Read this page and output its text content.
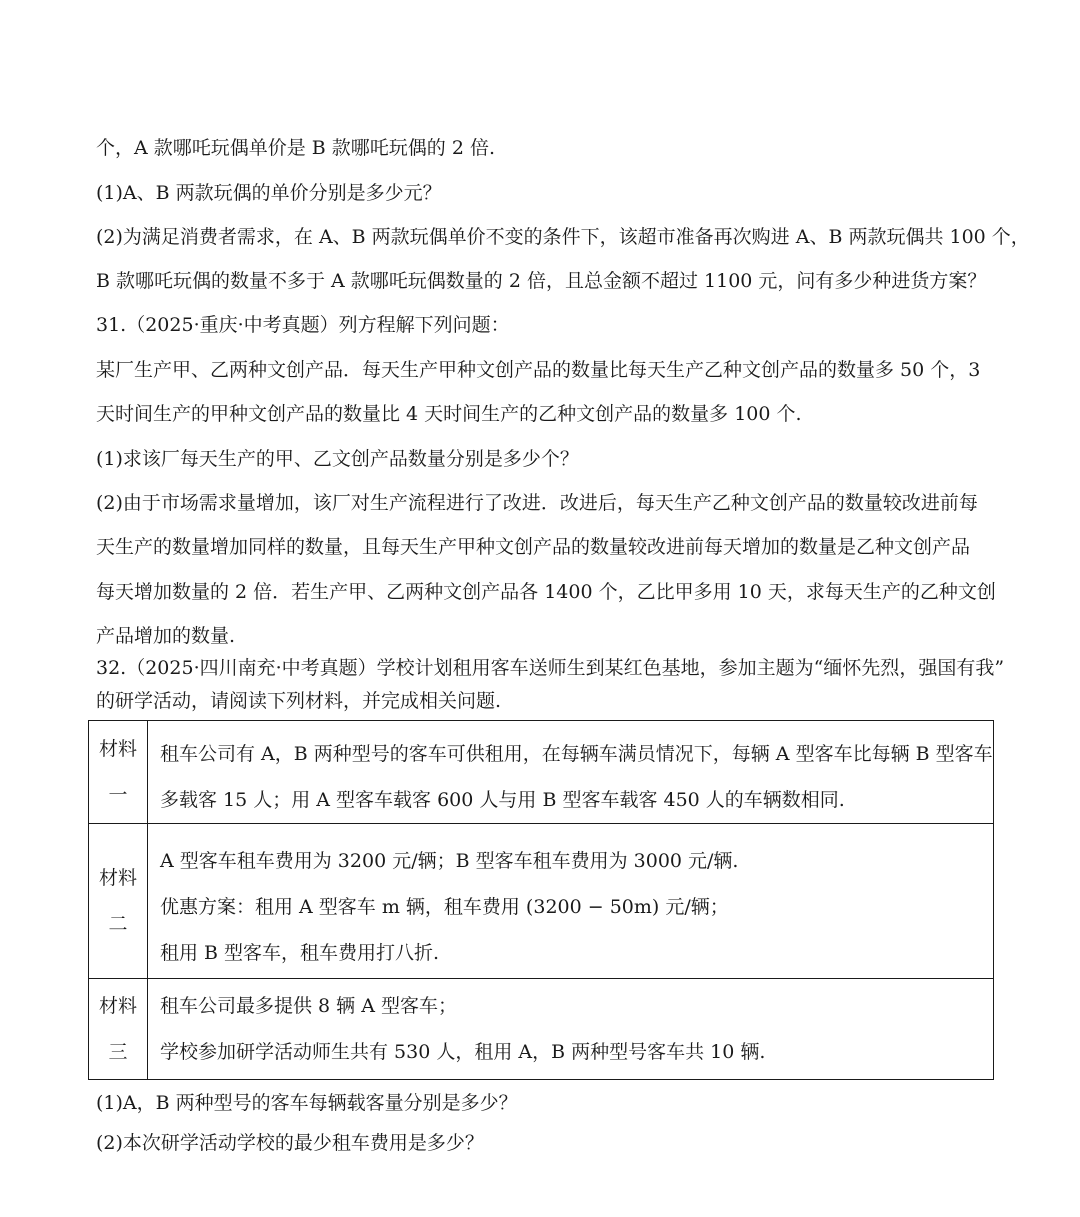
个，A 款哪吒玩偶单价是 B 款哪吒玩偶的 2 倍.
(1)A、B 两款玩偶的单价分别是多少元？
(2)为满足消费者需求，在 A、B 两款玩偶单价不变的条件下，该超市准备再次购进 A、B 两款玩偶共 100 个，
B 款哪吒玩偶的数量不多于 A 款哪吒玩偶数量的 2 倍，且总金额不超过 1100 元，问有多少种进货方案？
31.（2025·重庆·中考真题）列方程解下列问题：
某厂生产甲、乙两种文创产品．每天生产甲种文创产品的数量比每天生产乙种文创产品的数量多 50 个，3
天时间生产的甲种文创产品的数量比 4 天时间生产的乙种文创产品的数量多 100 个.
(1)求该厂每天生产的甲、乙文创产品数量分别是多少个？
(2)由于市场需求量增加，该厂对生产流程进行了改进．改进后，每天生产乙种文创产品的数量较改进前每
天生产的数量增加同样的数量，且每天生产甲种文创产品的数量较改进前每天增加的数量是乙种文创产品
每天增加数量的 2 倍．若生产甲、乙两种文创产品各 1400 个，乙比甲多用 10 天，求每天生产的乙种文创
产品增加的数量.
32.（2025·四川南充·中考真题）学校计划租用客车送师生到某红色基地，参加主题为“缅怀先烈，强国有我”
的研学活动，请阅读下列材料，并完成相关问题.
材料
一
租车公司有 A，B 两种型号的客车可供租用，在每辆车满员情况下，每辆 A 型客车比每辆 B 型客车
多载客 15 人；用 A 型客车载客 600 人与用 B 型客车载客 450 人的车辆数相同.
材料
二
A 型客车租车费用为 3200 元/辆；B 型客车租车费用为 3000 元/辆.
优惠方案：租用 A 型客车 m 辆，租车费用 (3200 − 50m) 元/辆；
租用 B 型客车，租车费用打八折.
材料
三
租车公司最多提供 8 辆 A 型客车；
学校参加研学活动师生共有 530 人，租用 A，B 两种型号客车共 10 辆.
(1)A，B 两种型号的客车每辆载客量分别是多少？
(2)本次研学活动学校的最少租车费用是多少？
